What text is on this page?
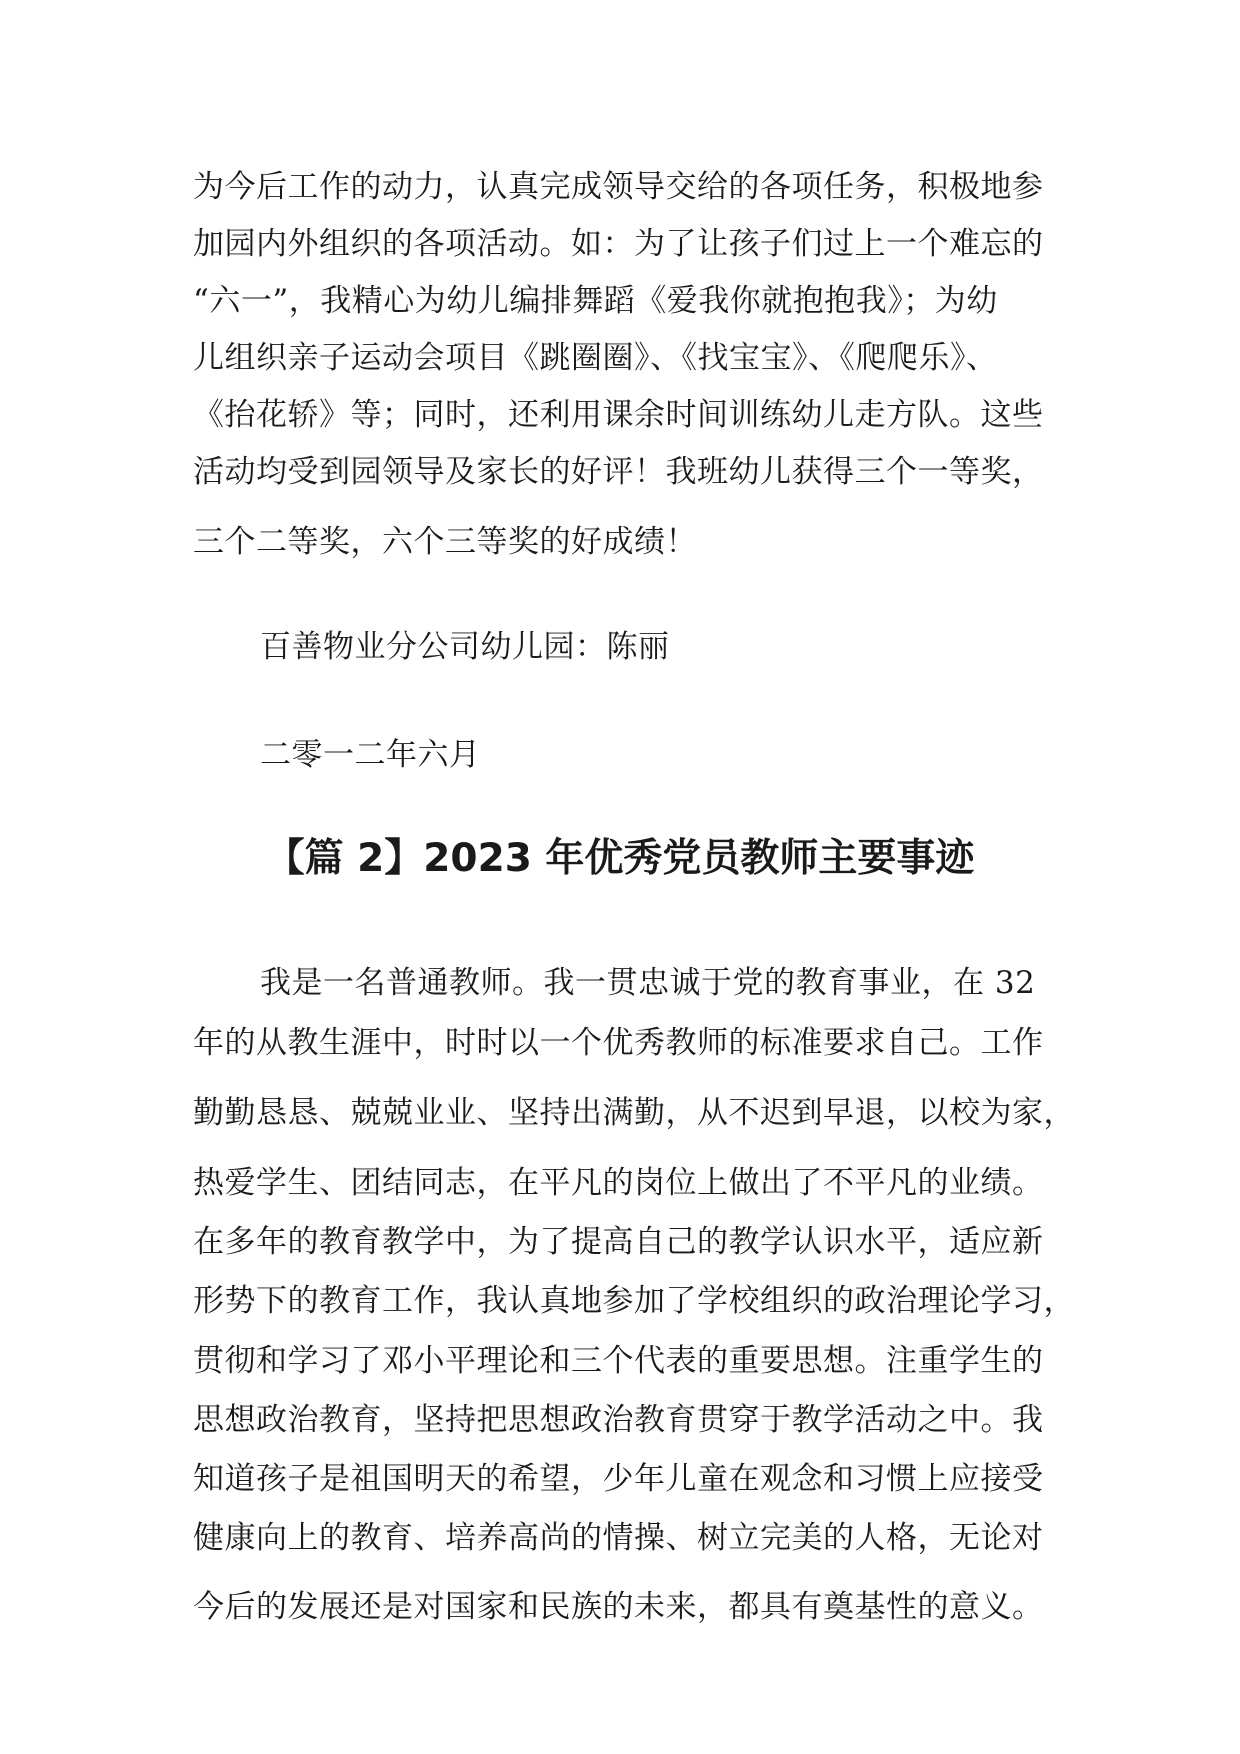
为今后工作的动力，认真完成领导交给的各项任务，积极地参
加园内外组织的各项活动。如：为了让孩子们过上一个难忘的
“六一”，我精心为幼儿编排舞蹈《爱我你就抱抱我》；为幼
儿组织亲子运动会项目《跳圈圈》、《找宝宝》、《爬爬乐》、
《抬花轿》等；同时，还利用课余时间训练幼儿走方队。这些
活动均受到园领导及家长的好评！我班幼儿获得三个一等奖，
三个二等奖，六个三等奖的好成绩！
百善物业分公司幼儿园：陈丽
二零一二年六月
【篇 2】2023 年优秀党员教师主要事迹
我是一名普通教师。我一贯忠诚于党的教育事业，在 32
年的从教生涯中，时时以一个优秀教师的标准要求自己。工作
勤勤恳恳、兢兢业业、坚持出满勤，从不迟到早退，以校为家，
热爱学生、团结同志，在平凡的岗位上做出了不平凡的业绩。
在多年的教育教学中，为了提高自己的教学认识水平，适应新
形势下的教育工作，我认真地参加了学校组织的政治理论学习，
贯彻和学习了邓小平理论和三个代表的重要思想。注重学生的
思想政治教育，坚持把思想政治教育贯穿于教学活动之中。我
知道孩子是祖国明天的希望，少年儿童在观念和习惯上应接受
健康向上的教育、培养高尚的情操、树立完美的人格，无论对
今后的发展还是对国家和民族的未来，都具有奠基性的意义。
